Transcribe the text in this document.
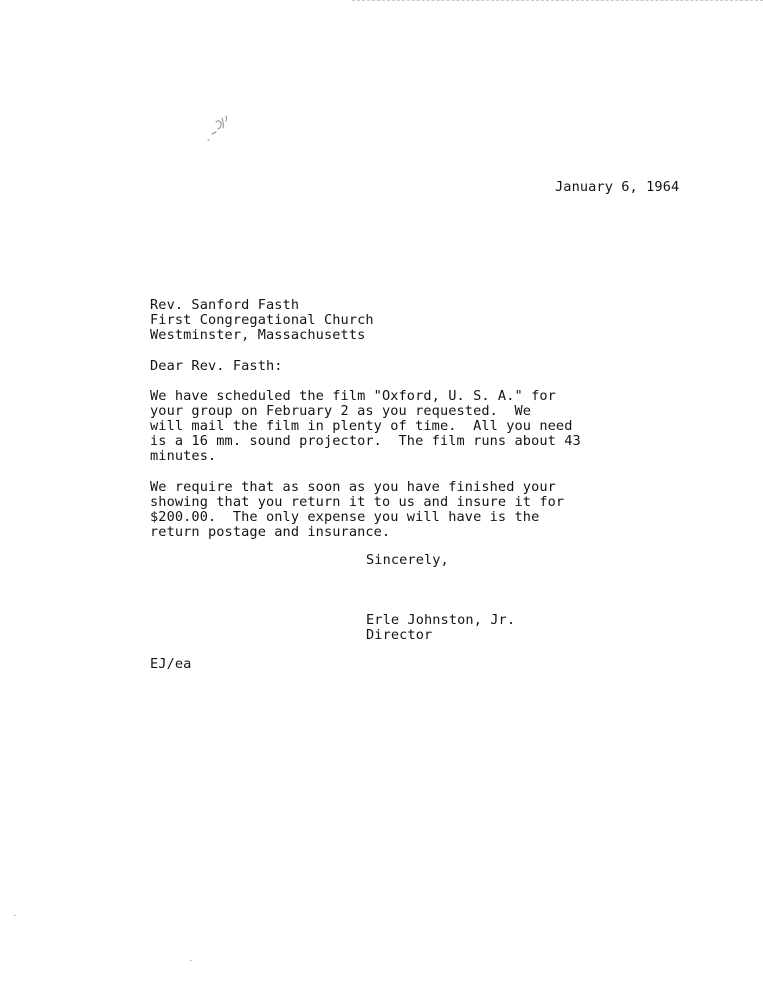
January 6, 1964
Rev. Sanford Fasth
First Congregational Church
Westminster, Massachusetts
Dear Rev. Fasth:
We have scheduled the film "Oxford, U. S. A." for
your group on February 2 as you requested.  We
will mail the film in plenty of time.  All you need
is a 16 mm. sound projector.  The film runs about 43
minutes.
We require that as soon as you have finished your
showing that you return it to us and insure it for
$200.00.  The only expense you will have is the
return postage and insurance.
Sincerely,
Erle Johnston, Jr.
Director
EJ/ea
